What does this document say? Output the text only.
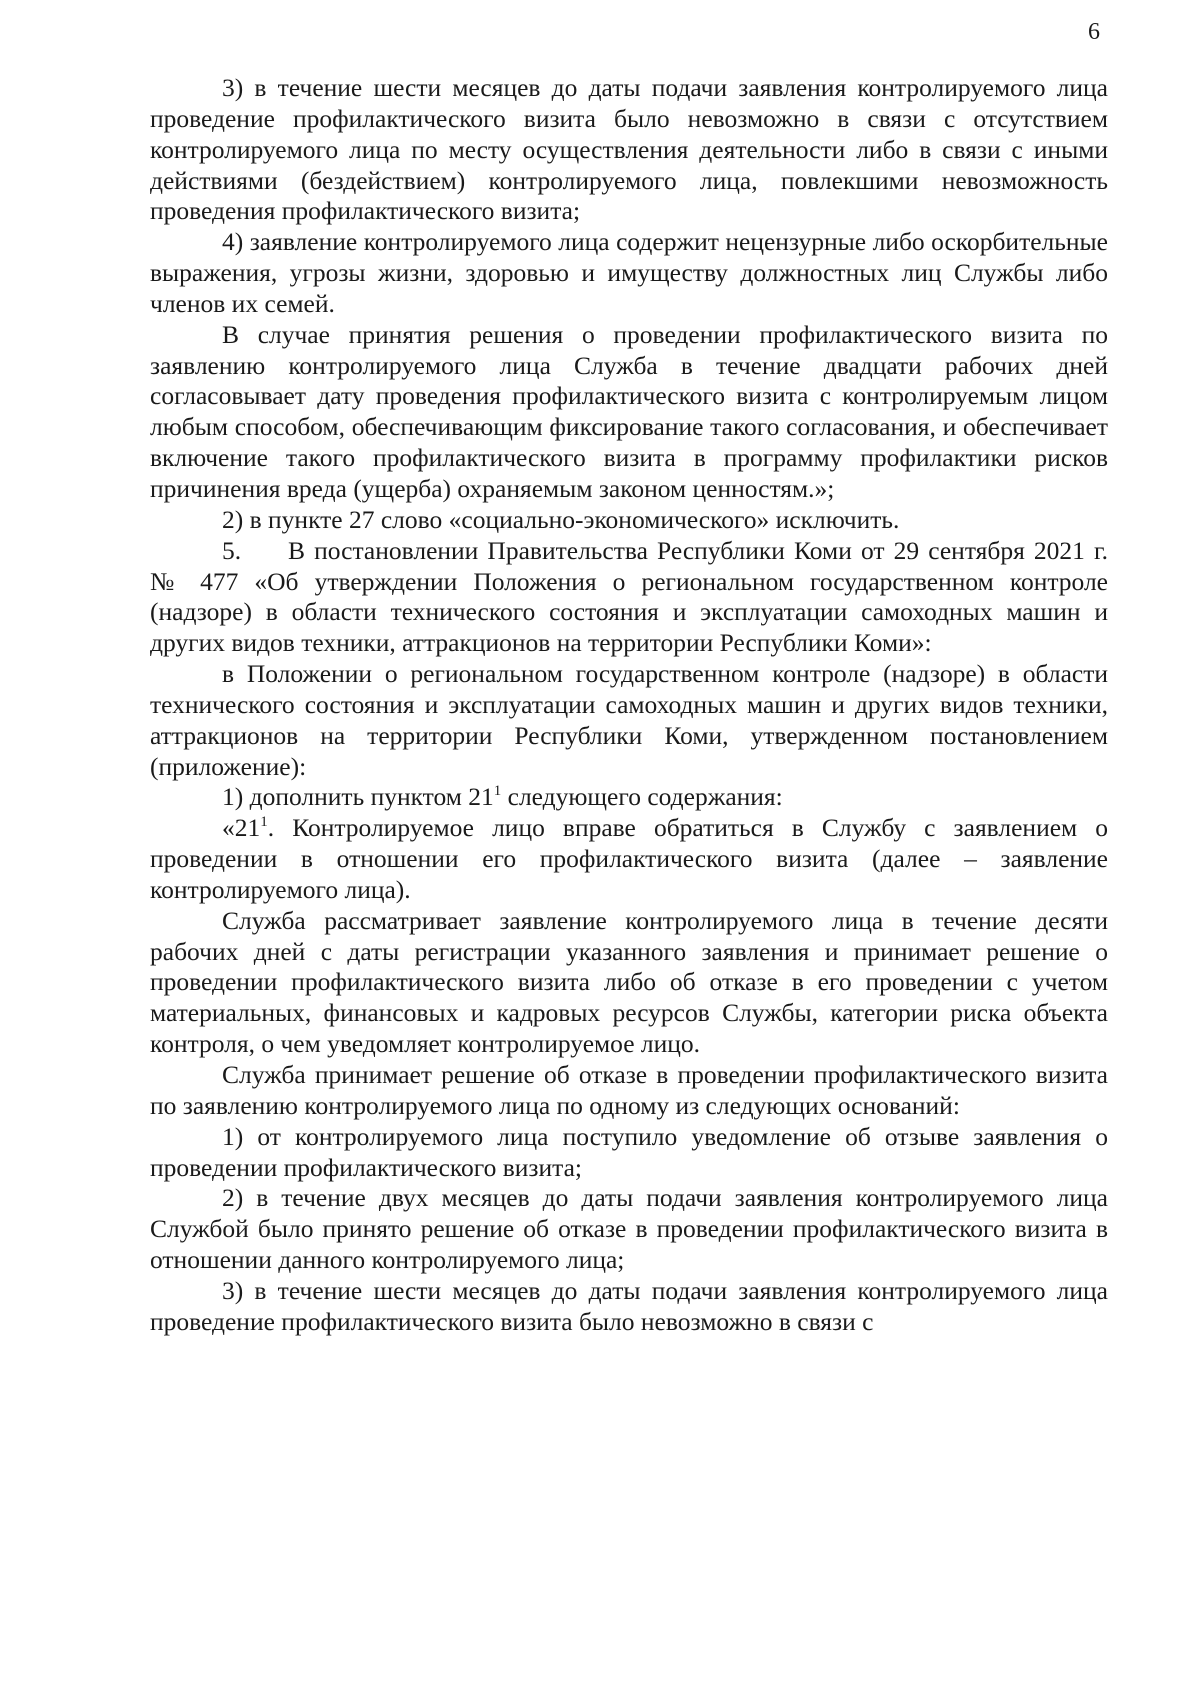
6

3) в течение шести месяцев до даты подачи заявления контролируемого лица проведение профилактического визита было невозможно в связи с отсутствием контролируемого лица по месту осуществления деятельности либо в связи с иными действиями (бездействием) контролируемого лица, повлекшими невозможность проведения профилактического визита;

4) заявление контролируемого лица содержит нецензурные либо оскорбительные выражения, угрозы жизни, здоровью и имуществу должностных лиц Службы либо членов их семей.

В случае принятия решения о проведении профилактического визита по заявлению контролируемого лица Служба в течение двадцати рабочих дней согласовывает дату проведения профилактического визита с контролируемым лицом любым способом, обеспечивающим фиксирование такого согласования, и обеспечивает включение такого профилактического визита в программу профилактики рисков причинения вреда (ущерба) охраняемым законом ценностям.»;

2) в пункте 27 слово «социально-экономического» исключить.

5. В постановлении Правительства Республики Коми от 29 сентября 2021 г. № 477 «Об утверждении Положения о региональном государственном контроле (надзоре) в области технического состояния и эксплуатации самоходных машин и других видов техники, аттракционов на территории Республики Коми»:

в Положении о региональном государственном контроле (надзоре) в области технического состояния и эксплуатации самоходных машин и других видов техники, аттракционов на территории Республики Коми, утвержденном постановлением (приложение):

1) дополнить пунктом $21^1$ следующего содержания:

«$21^1$. Контролируемое лицо вправе обратиться в Службу с заявлением о проведении в отношении его профилактического визита (далее – заявление контролируемого лица).

Служба рассматривает заявление контролируемого лица в течение десяти рабочих дней с даты регистрации указанного заявления и принимает решение о проведении профилактического визита либо об отказе в его проведении с учетом материальных, финансовых и кадровых ресурсов Службы, категории риска объекта контроля, о чем уведомляет контролируемое лицо.

Служба принимает решение об отказе в проведении профилактического визита по заявлению контролируемого лица по одному из следующих оснований:

1) от контролируемого лица поступило уведомление об отзыве заявления о проведении профилактического визита;

2) в течение двух месяцев до даты подачи заявления контролируемого лица Службой было принято решение об отказе в проведении профилактического визита в отношении данного контролируемого лица;

3) в течение шести месяцев до даты подачи заявления контролируемого лица проведение профилактического визита было невозможно в связи с
